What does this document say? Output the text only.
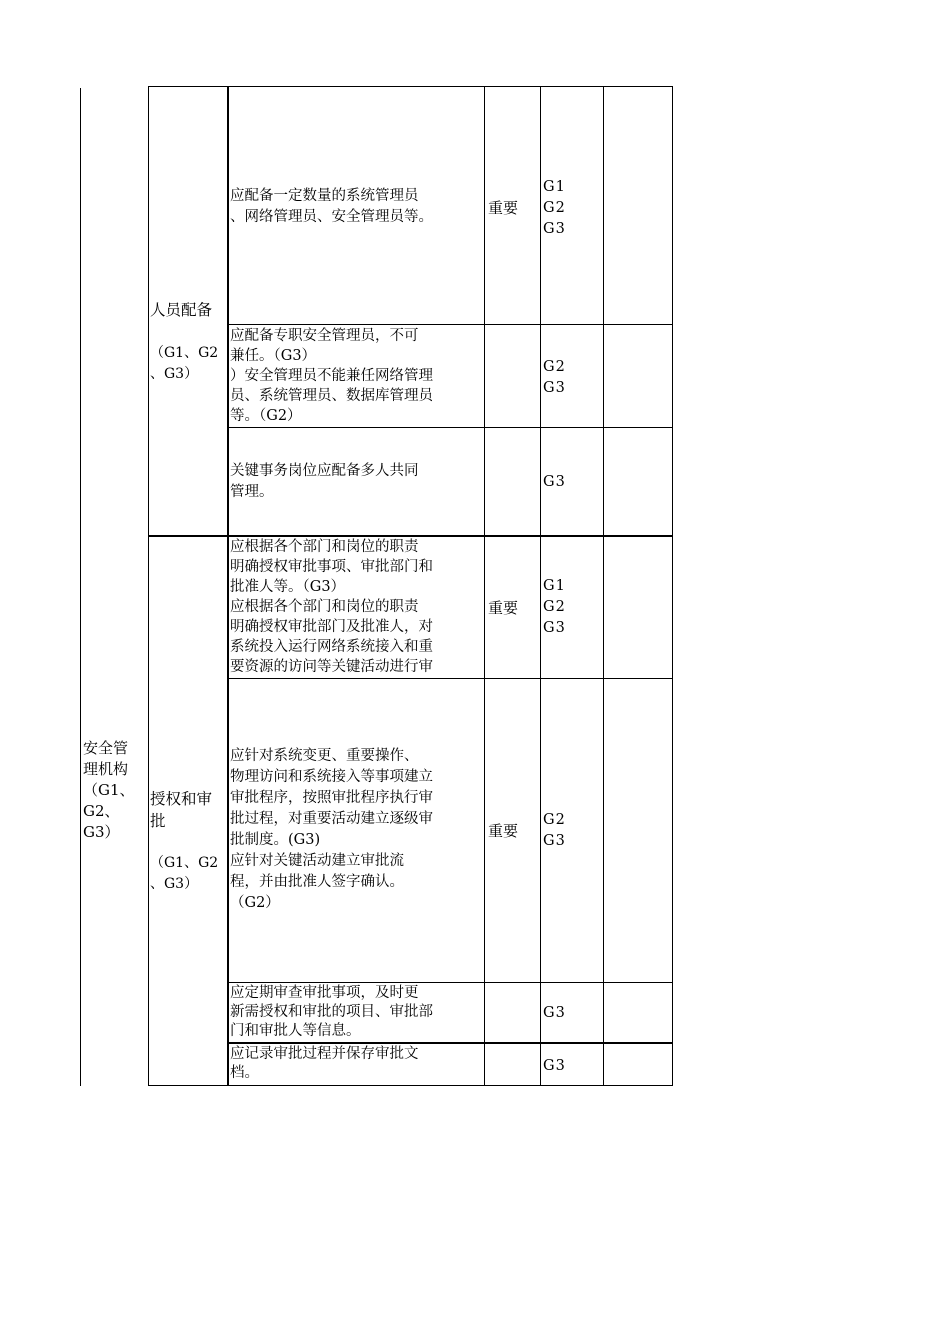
安全管
理机构
（G1、
G2、
G3）

人员配备

（G1、G2
、G3）

授权和审
批

（G1、G2
、G3）

应配备一定数量的系统管理员
、网络管理员、安全管理员等。	重要
G1
G2
G3
应配备专职安全管理员，不可
兼任。（G3）
）安全管理员不能兼任网络管理
员、系统管理员、数据库管理员
等。（G2）
G2
G3
关键事务岗位应配备多人共同
管理。
G3
应根据各个部门和岗位的职责
明确授权审批事项、审批部门和
批准人等。（G3）
应根据各个部门和岗位的职责
明确授权审批部门及批准人，对
系统投入运行网络系统接入和重
要资源的访问等关键活动进行审
重要
G1
G2
G3
应针对系统变更、重要操作、
物理访问和系统接入等事项建立
审批程序，按照审批程序执行审
批过程，对重要活动建立逐级审
批制度。(G3)
应针对关键活动建立审批流
程，并由批准人签字确认。
（G2）
重要
G2
G3
应定期审查审批事项，及时更
新需授权和审批的项目、审批部
门和审批人等信息。
G3
应记录审批过程并保存审批文
档。	G3
